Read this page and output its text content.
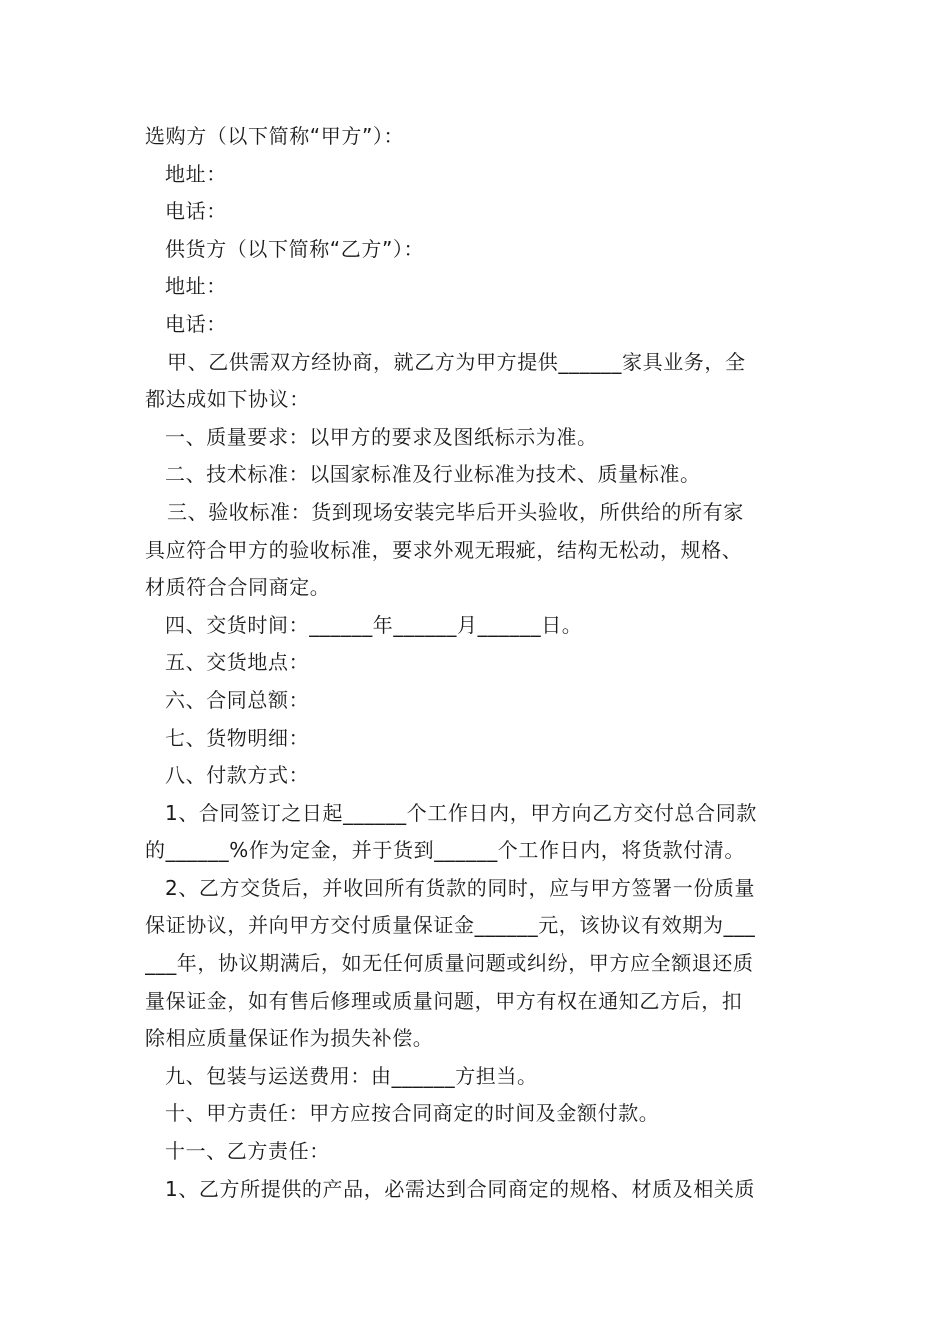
选购方（以下简称“甲方”）：
地址：
电话：
供货方（以下简称“乙方”）：
地址：
电话：
甲、乙供需双方经协商，就乙方为甲方提供______家具业务，全
都达成如下协议：
一、质量要求：以甲方的要求及图纸标示为准。
二、技术标准：以国家标准及行业标准为技术、质量标准。
三、验收标准：货到现场安装完毕后开头验收，所供给的所有家
具应符合甲方的验收标准，要求外观无瑕疵，结构无松动，规格、
材质符合合同商定。
四、交货时间：______年______月______日。
五、交货地点：
六、合同总额：
七、货物明细：
八、付款方式：
1、合同签订之日起______个工作日内，甲方向乙方交付总合同款
的______%作为定金，并于货到______个工作日内，将货款付清。
2、乙方交货后，并收回所有货款的同时，应与甲方签署一份质量
保证协议，并向甲方交付质量保证金______元，该协议有效期为___
___年，协议期满后，如无任何质量问题或纠纷，甲方应全额退还质
量保证金，如有售后修理或质量问题，甲方有权在通知乙方后，扣
除相应质量保证作为损失补偿。
九、包装与运送费用：由______方担当。
十、甲方责任：甲方应按合同商定的时间及金额付款。
十一、乙方责任：
1、乙方所提供的产品，必需达到合同商定的规格、材质及相关质
